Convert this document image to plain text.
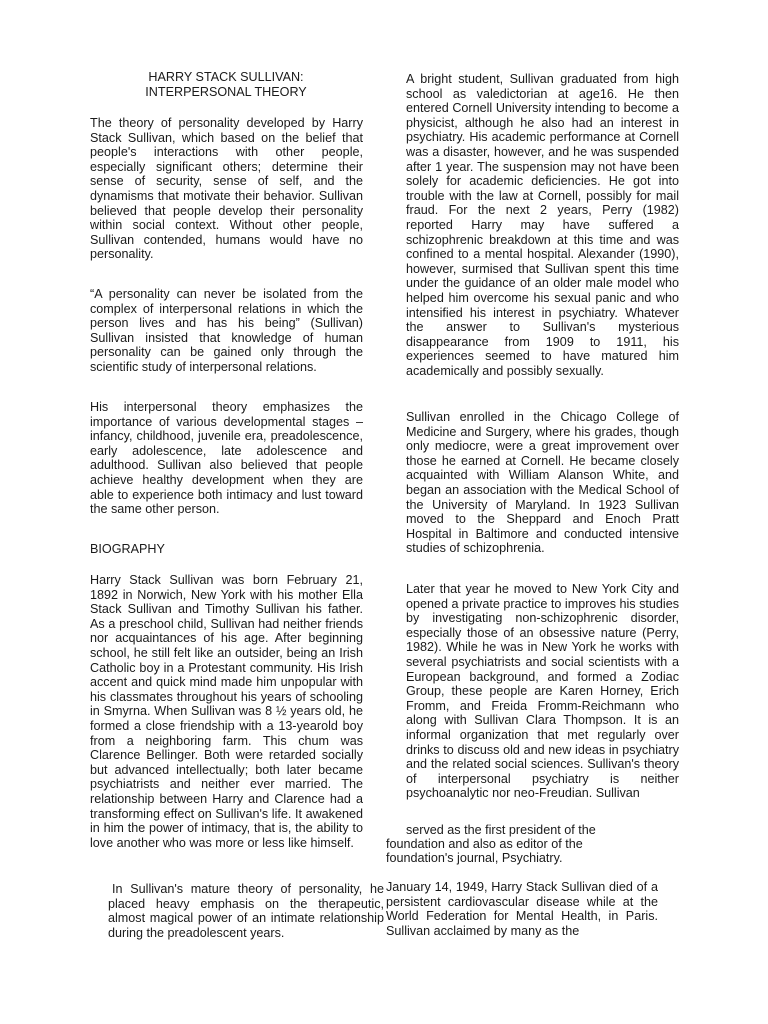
HARRY STACK SULLIVAN:
INTERPERSONAL THEORY

The theory of personality developed by Harry Stack Sullivan, which based on the belief that people's interactions with other people, especially significant others; determine their sense of security, sense of self, and the dynamisms that motivate their behavior. Sullivan believed that people develop their personality within social context. Without other people, Sullivan contended, humans would have no personality.

“A personality can never be isolated from the complex of interpersonal relations in which the person lives and has his being” (Sullivan) Sullivan insisted that knowledge of human personality can be gained only through the scientific study of interpersonal relations.

His interpersonal theory emphasizes the importance of various developmental stages – infancy, childhood, juvenile era, preadolescence, early adolescence, late adolescence and adulthood. Sullivan also believed that people achieve healthy development when they are able to experience both intimacy and lust toward the same other person.

BIOGRAPHY

Harry Stack Sullivan was born February 21, 1892 in Norwich, New York with his mother Ella Stack Sullivan and Timothy Sullivan his father. As a preschool child, Sullivan had neither friends nor acquaintances of his age. After beginning school, he still felt like an outsider, being an Irish Catholic boy in a Protestant community. His Irish accent and quick mind made him unpopular with his classmates throughout his years of schooling in Smyrna. When Sullivan was 8 ½ years old, he formed a close friendship with a 13-yearold boy from a neighboring farm. This chum was Clarence Bellinger. Both were retarded socially but advanced intellectually; both later became psychiatrists and neither ever married. The relationship between Harry and Clarence had a transforming effect on Sullivan's life. It awakened in him the power of intimacy, that is, the ability to love another who was more or less like himself.

In Sullivan's mature theory of personality, he placed heavy emphasis on the therapeutic, almost magical power of an intimate relationship during the preadolescent years.

A bright student, Sullivan graduated from high school as valedictorian at age16. He then entered Cornell University intending to become a physicist, although he also had an interest in psychiatry. His academic performance at Cornell was a disaster, however, and he was suspended after 1 year. The suspension may not have been solely for academic deficiencies. He got into trouble with the law at Cornell, possibly for mail fraud. For the next 2 years, Perry (1982) reported Harry may have suffered a schizophrenic breakdown at this time and was confined to a mental hospital. Alexander (1990), however, surmised that Sullivan spent this time under the guidance of an older male model who helped him overcome his sexual panic and who intensified his interest in psychiatry. Whatever the answer to Sullivan's mysterious disappearance from 1909 to 1911, his experiences seemed to have matured him academically and possibly sexually.

Sullivan enrolled in the Chicago College of Medicine and Surgery, where his grades, though only mediocre, were a great improvement over those he earned at Cornell. He became closely acquainted with William Alanson White, and began an association with the Medical School of the University of Maryland. In 1923 Sullivan moved to the Sheppard and Enoch Pratt Hospital in Baltimore and conducted intensive studies of schizophrenia.

Later that year he moved to New York City and opened a private practice to improves his studies by investigating non-schizophrenic disorder, especially those of an obsessive nature (Perry, 1982). While he was in New York he works with several psychiatrists and social scientists with a European background, and formed a Zodiac Group, these people are Karen Horney, Erich Fromm, and Freida Fromm-Reichmann who along with Sullivan Clara Thompson. It is an informal organization that met regularly over drinks to discuss old and new ideas in psychiatry and the related social sciences. Sullivan's theory of interpersonal psychiatry is neither psychoanalytic nor neo-Freudian. Sullivan

served as the first president of the
foundation and also as editor of the
foundation's journal, Psychiatry.

January 14, 1949, Harry Stack Sullivan died of a persistent cardiovascular disease while at the World Federation for Mental Health, in Paris. Sullivan acclaimed by many as the
